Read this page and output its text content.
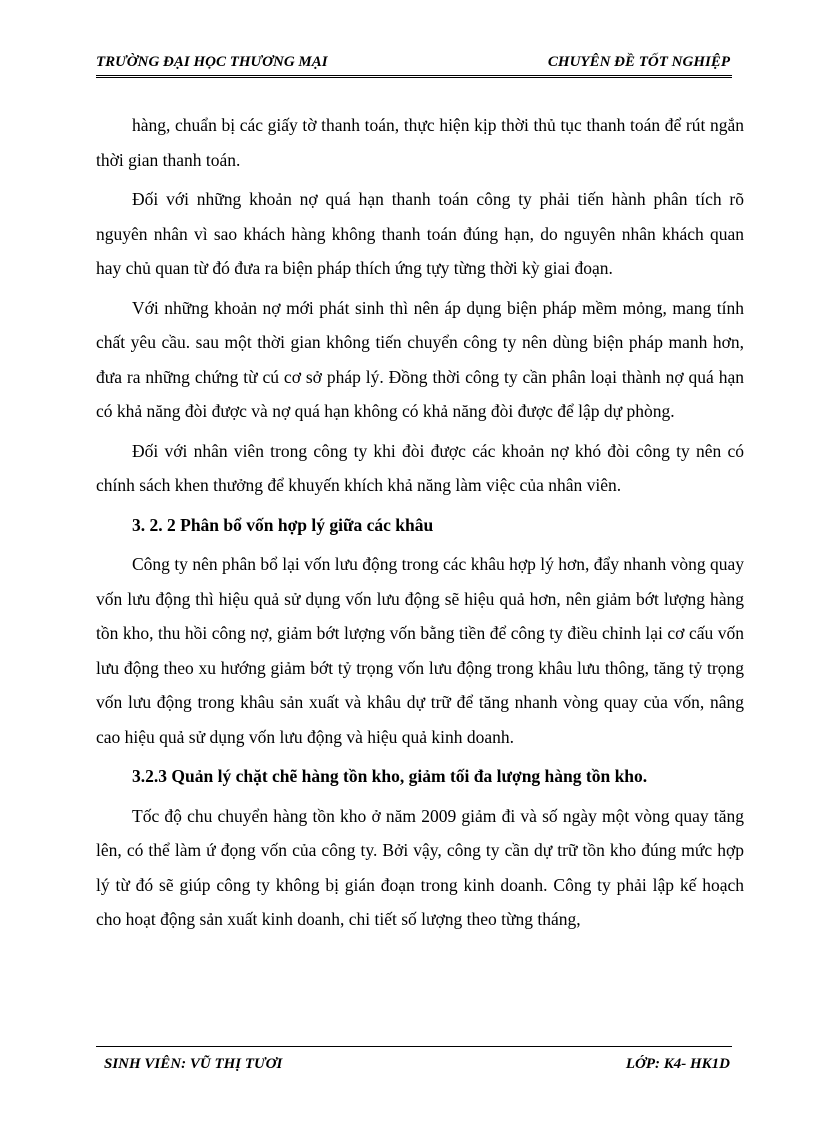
TRƯỜNG ĐẠI HỌC THƯƠNG MẠI	CHUYÊN ĐỀ TỐT NGHIỆP

hàng, chuẩn bị các giấy tờ thanh toán, thực hiện kịp thời thủ tục thanh toán để rút ngắn thời gian thanh toán.

Đối với những khoản nợ quá hạn thanh toán công ty phải tiến hành phân tích rõ nguyên nhân vì sao khách hàng không thanh toán đúng hạn, do nguyên nhân khách quan hay chủ quan từ đó đưa ra biện pháp thích ứng tựy từng thời kỳ giai đoạn.

Với những khoản nợ mới phát sinh thì nên áp dụng biện pháp mềm mỏng, mang tính chất yêu cầu. sau một thời gian không tiến chuyển công ty nên dùng biện pháp manh hơn, đưa ra những chứng từ cú cơ sở pháp lý. Đồng thời công ty cần phân loại thành nợ quá hạn có khả năng đòi được và nợ quá hạn không có khả năng đòi được để lập dự phòng.

Đối với nhân viên trong công ty khi đòi được các khoản nợ khó đòi công ty nên có chính sách khen thưởng để khuyến khích khả năng làm việc của nhân viên.

3. 2. 2 Phân bổ vốn hợp lý giữa các khâu

Công ty nên phân bổ lại vốn lưu động trong các khâu hợp lý hơn, đẩy nhanh vòng quay vốn lưu động thì hiệu quả sử dụng vốn lưu động sẽ hiệu quả hơn, nên giảm bớt lượng hàng tồn kho, thu hồi công nợ, giảm bớt lượng vốn bằng tiền để công ty điều chỉnh lại cơ cấu vốn lưu động theo xu hướng giảm bớt tỷ trọng vốn lưu động trong khâu lưu thông, tăng tỷ trọng vốn lưu động trong khâu sản xuất và khâu dự trữ để tăng nhanh vòng quay của vốn, nâng cao hiệu quả sử dụng vốn lưu động và hiệu quả kinh doanh.

3.2.3 Quản lý chặt chẽ hàng tồn kho, giảm tối đa lượng hàng tồn kho.

Tốc độ chu chuyển hàng tồn kho ở năm 2009 giảm đi và số ngày một vòng quay tăng lên, có thể làm ứ đọng vốn của công ty. Bởi vậy, công ty cần dự trữ tồn kho đúng mức hợp lý từ đó sẽ giúp công ty không bị gián đoạn trong kinh doanh. Công ty phải lập kế hoạch cho hoạt động sản xuất kinh doanh, chi tiết số lượng theo từng tháng,

SINH VIÊN: VŨ THỊ TƯƠI	LỚP: K4- HK1D
